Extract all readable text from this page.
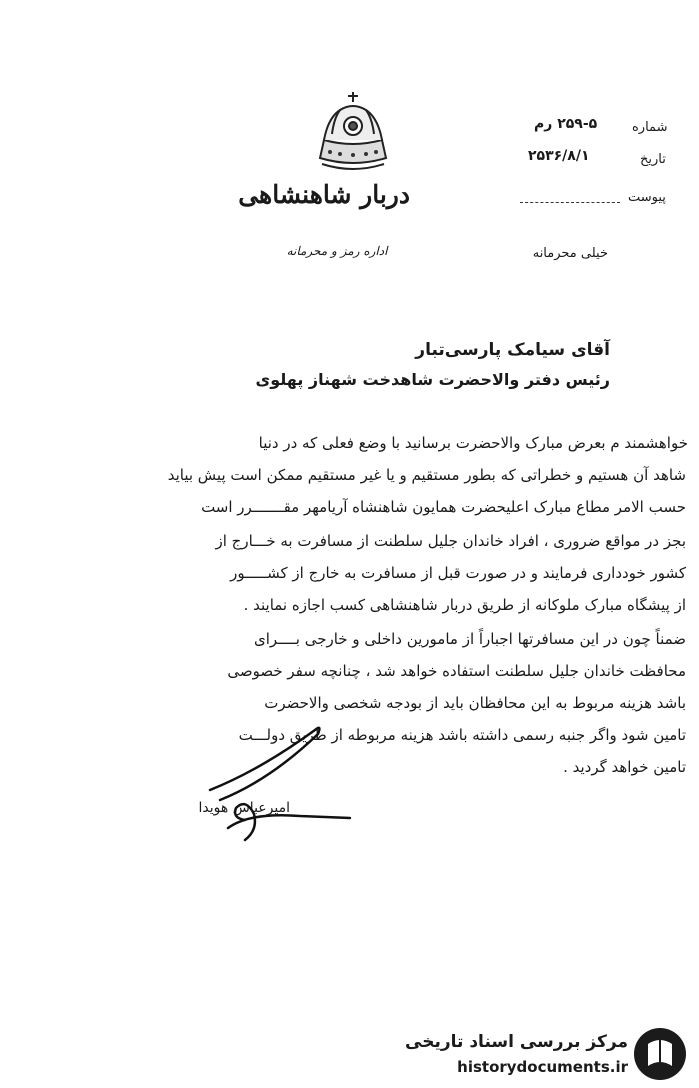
دربار شاهنشاهی
اداره رمز و محرمانه
شماره
۲۵۹-۵ رم
تاریخ
۲۵۳۶/۸/۱
پیوست
خیلی محرمانه
آقای سیامک پارسی‌تبار
رئیس دفتر والاحضرت شاهدخت شهناز پهلوی
خواهشمند م بعرض مبارک والاحضرت برسانید با وضع فعلی که در دنیا
شاهد آن هستیم و خطراتی که بطور مستقیم و یا غیر مستقیم ممکن است پیش بیاید
حسب الامر مطاع مبارک اعلیحضرت همایون شاهنشاه آریامهر مقـــــــرر است
بجز در مواقع ضروری ، افراد خاندان جلیل سلطنت از مسافرت به خـــارج از
کشور خودداری فرمایند و در صورت قبل از مسافرت به خارج از کشـــــور
از پیشگاه مبارک ملوکانه از طریق دربار شاهنشاهی کسب اجازه نمایند .
ضمناً چون در این مسافرتها اجباراً از مامورین داخلی و خارجی بــــرای
محافظت خاندان جلیل سلطنت استفاده خواهد شد ، چنانچه سفر خصوصی
باشد هزینه مربوط به این محافظان باید از بودجه شخصی والاحضرت
تامین شود واگر جنبه رسمی داشته باشد هزینه مربوطه از طریق دولـــت
تامین خواهد گردید .
امیرعباس هویدا
مرکز بررسی اسناد تاریخی
historydocuments.ir
